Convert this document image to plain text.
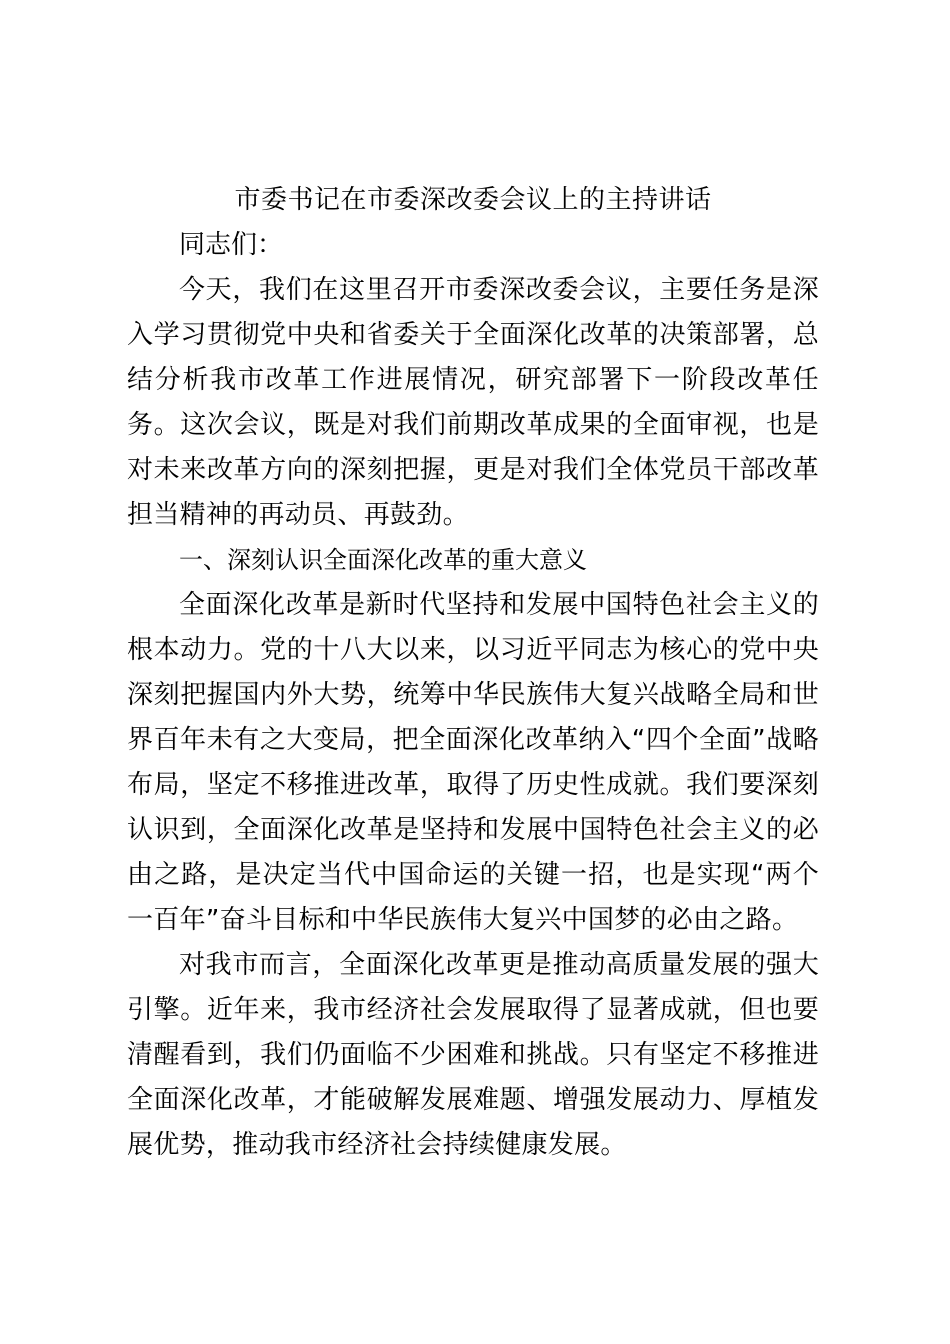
市委书记在市委深改委会议上的主持讲话

同志们：

今天，我们在这里召开市委深改委会议，主要任务是深入学习贯彻党中央和省委关于全面深化改革的决策部署，总结分析我市改革工作进展情况，研究部署下一阶段改革任务。这次会议，既是对我们前期改革成果的全面审视，也是对未来改革方向的深刻把握，更是对我们全体党员干部改革担当精神的再动员、再鼓劲。

一、深刻认识全面深化改革的重大意义

全面深化改革是新时代坚持和发展中国特色社会主义的根本动力。党的十八大以来，以习近平同志为核心的党中央深刻把握国内外大势，统筹中华民族伟大复兴战略全局和世界百年未有之大变局，把全面深化改革纳入“四个全面”战略布局，坚定不移推进改革，取得了历史性成就。我们要深刻认识到，全面深化改革是坚持和发展中国特色社会主义的必由之路，是决定当代中国命运的关键一招，也是实现“两个一百年”奋斗目标和中华民族伟大复兴中国梦的必由之路。

对我市而言，全面深化改革更是推动高质量发展的强大引擎。近年来，我市经济社会发展取得了显著成就，但也要清醒看到，我们仍面临不少困难和挑战。只有坚定不移推进全面深化改革，才能破解发展难题、增强发展动力、厚植发展优势，推动我市经济社会持续健康发展。
